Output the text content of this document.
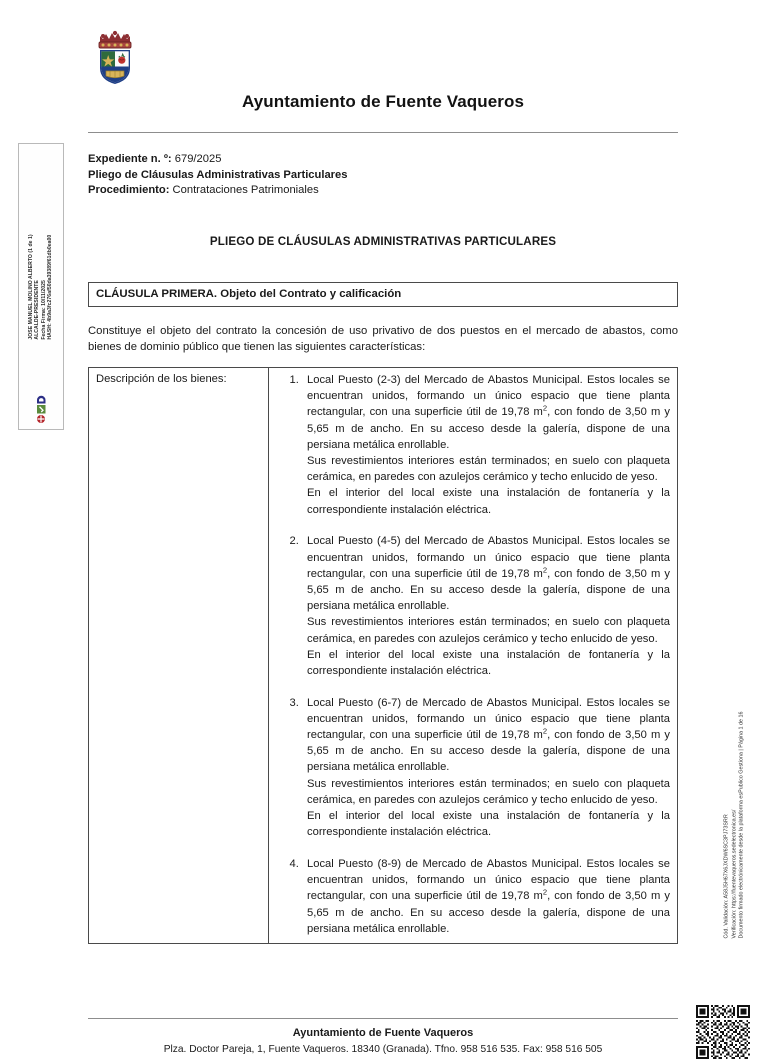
JOSE MANUEL MOLINO ALBERTO (1 de 1) ALCALDE-PRESIDENTE Fecha Firma: 10/11/2025 HASH: 4b9a3fc276af50da39389f61db0ea00
Cód. Validación: A58J5H67X6JXDW6SC3PJ73SRR Verificación: https://fuentevaqueros.sedelectronica.es/ Documento firmado electrónicamente desde la plataforma esPublico Gestiona | Página 1 de 16
Ayuntamiento de Fuente Vaqueros
Expediente n. º: 679/2025
Pliego de Cláusulas Administrativas Particulares
Procedimiento: Contrataciones Patrimoniales
PLIEGO DE CLÁUSULAS ADMINISTRATIVAS PARTICULARES
CLÁUSULA PRIMERA. Objeto del Contrato y calificación
Constituye el objeto del contrato la concesión de uso privativo de dos puestos en el mercado de abastos, como bienes de dominio público que tienen las siguientes características:
Descripción de los bienes:	

1.Local Puesto (2-3) del Mercado de Abastos Municipal. Estos locales se encuentran unidos, formando un único espacio que tiene planta rectangular, con una superficie útil de 19,78 $m^2$, con fondo de 3,50 m y 5,65 m de ancho. En su acceso desde la galería, dispone de una persiana metálica enrollable.

Sus revestimientos interiores están terminados; en suelo con plaqueta cerámica, en paredes con azulejos cerámico y techo enlucido de yeso.

En el interior del local existe una instalación de fontanería y la correspondiente instalación eléctrica.

2. Local Puesto (4-5) del Mercado de Abastos Municipal. Estos locales se encuentran unidos, formando un único espacio que tiene planta rectangular, con una superficie útil de 19,78 $m^2$, con fondo de 3,50 m y 5,65 m de ancho. En su acceso desde la galería, dispone de una persiana metálica enrollable.

Sus revestimientos interiores están terminados; en suelo con plaqueta cerámica, en paredes con azulejos cerámico y techo enlucido de yeso.

En el interior del local existe una instalación de fontanería y la correspondiente instalación eléctrica.

3. Local Puesto (6-7) de Mercado de Abastos Municipal. Estos locales se encuentran unidos, formando un único espacio que tiene planta rectangular, con una superficie útil de 19,78 $m^2$, con fondo de 3,50 m y 5,65 m de ancho. En su acceso desde la galería, dispone de una persiana metálica enrollable.

Sus revestimientos interiores están terminados; en suelo con plaqueta cerámica, en paredes con azulejos cerámico y techo enlucido de yeso.

En el interior del local existe una instalación de fontanería y la correspondiente instalación eléctrica.

4. Local Puesto (8-9) de Mercado de Abastos Municipal. Estos locales se encuentran unidos, formando un único espacio que tiene planta rectangular, con una superficie útil de 19,78 $m^2$, con fondo de 3,50 m y 5,65 m de ancho. En su acceso desde la galería, dispone de una persiana metálica enrollable.

Ayuntamiento de Fuente Vaqueros
Plza. Doctor Pareja, 1, Fuente Vaqueros. 18340 (Granada). Tfno. 958 516 535. Fax: 958 516 505
